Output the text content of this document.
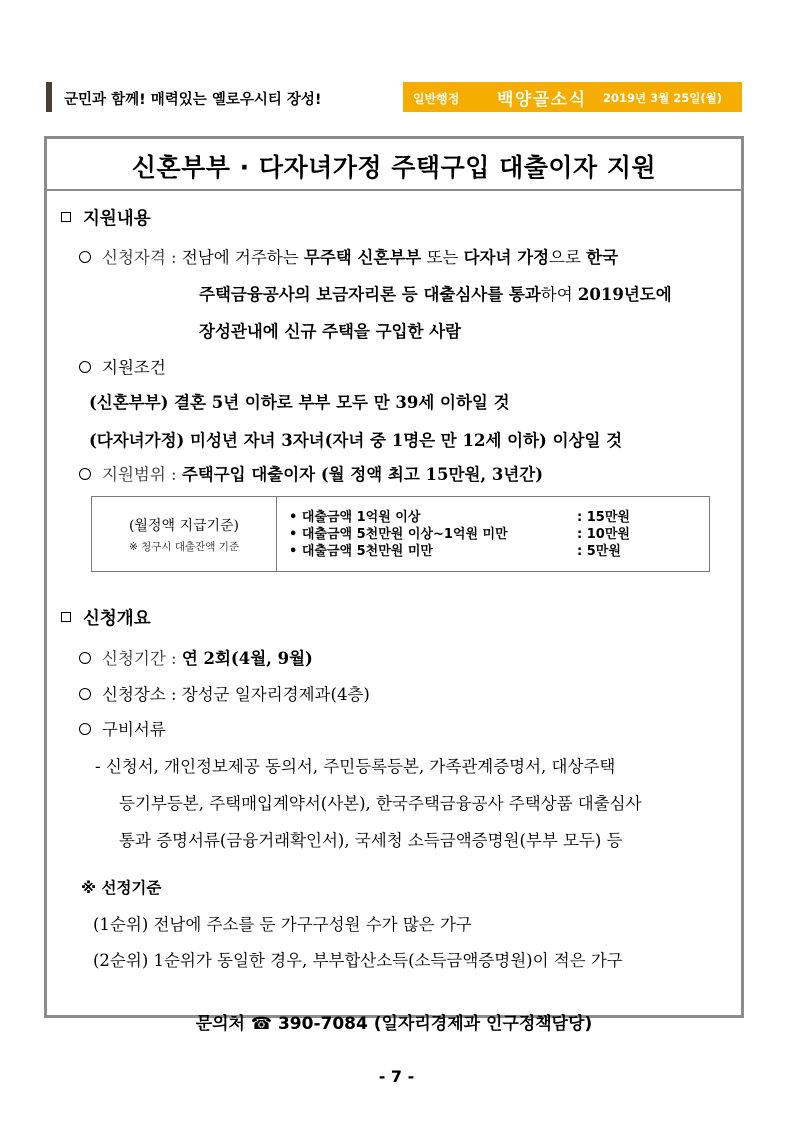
군민과 함께! 매력있는 옐로우시티 장성!	일반행정 백양골소식 2019년 3월 25일(월)
신혼부부 · 다자녀가정 주택구입 대출이자 지원
지원내용
신청자격 : 전남에 거주하는 무주택 신혼부부 또는 다자녀 가정으로 한국
주택금융공사의 보금자리론 등 대출심사를 통과하여 2019년도에
장성관내에 신규 주택을 구입한 사람
지원조건
(신혼부부) 결혼 5년 이하로 부부 모두 만 39세 이하일 것
(다자녀가정) 미성년 자녀 3자녀(자녀 중 1명은 만 12세 이하) 이상일 것
지원범위 : 주택구입 대출이자 (월 정액 최고 15만원, 3년간)
(월정액 지급기준)
※ 청구시 대출잔액 기준

• 대출금액 1억원 이상	: 15만원
• 대출금액 5천만원 이상~1억원 미만	: 10만원
• 대출금액 5천만원 미만	: 5만원
신청개요
신청기간 : 연 2회(4월, 9월)
신청장소 : 장성군 일자리경제과(4층)
구비서류
- 신청서, 개인정보제공 동의서, 주민등록등본, 가족관계증명서, 대상주택
등기부등본, 주택매입계약서(사본), 한국주택금융공사 주택상품 대출심사
통과 증명서류(금융거래확인서), 국세청 소득금액증명원(부부 모두) 등
※ 선정기준
(1순위) 전남에 주소를 둔 가구구성원 수가 많은 가구
(2순위) 1순위가 동일한 경우, 부부합산소득(소득금액증명원)이 적은 가구
문의처 ☎ 390-7084 (일자리경제과 인구정책담당)
- 7 -
